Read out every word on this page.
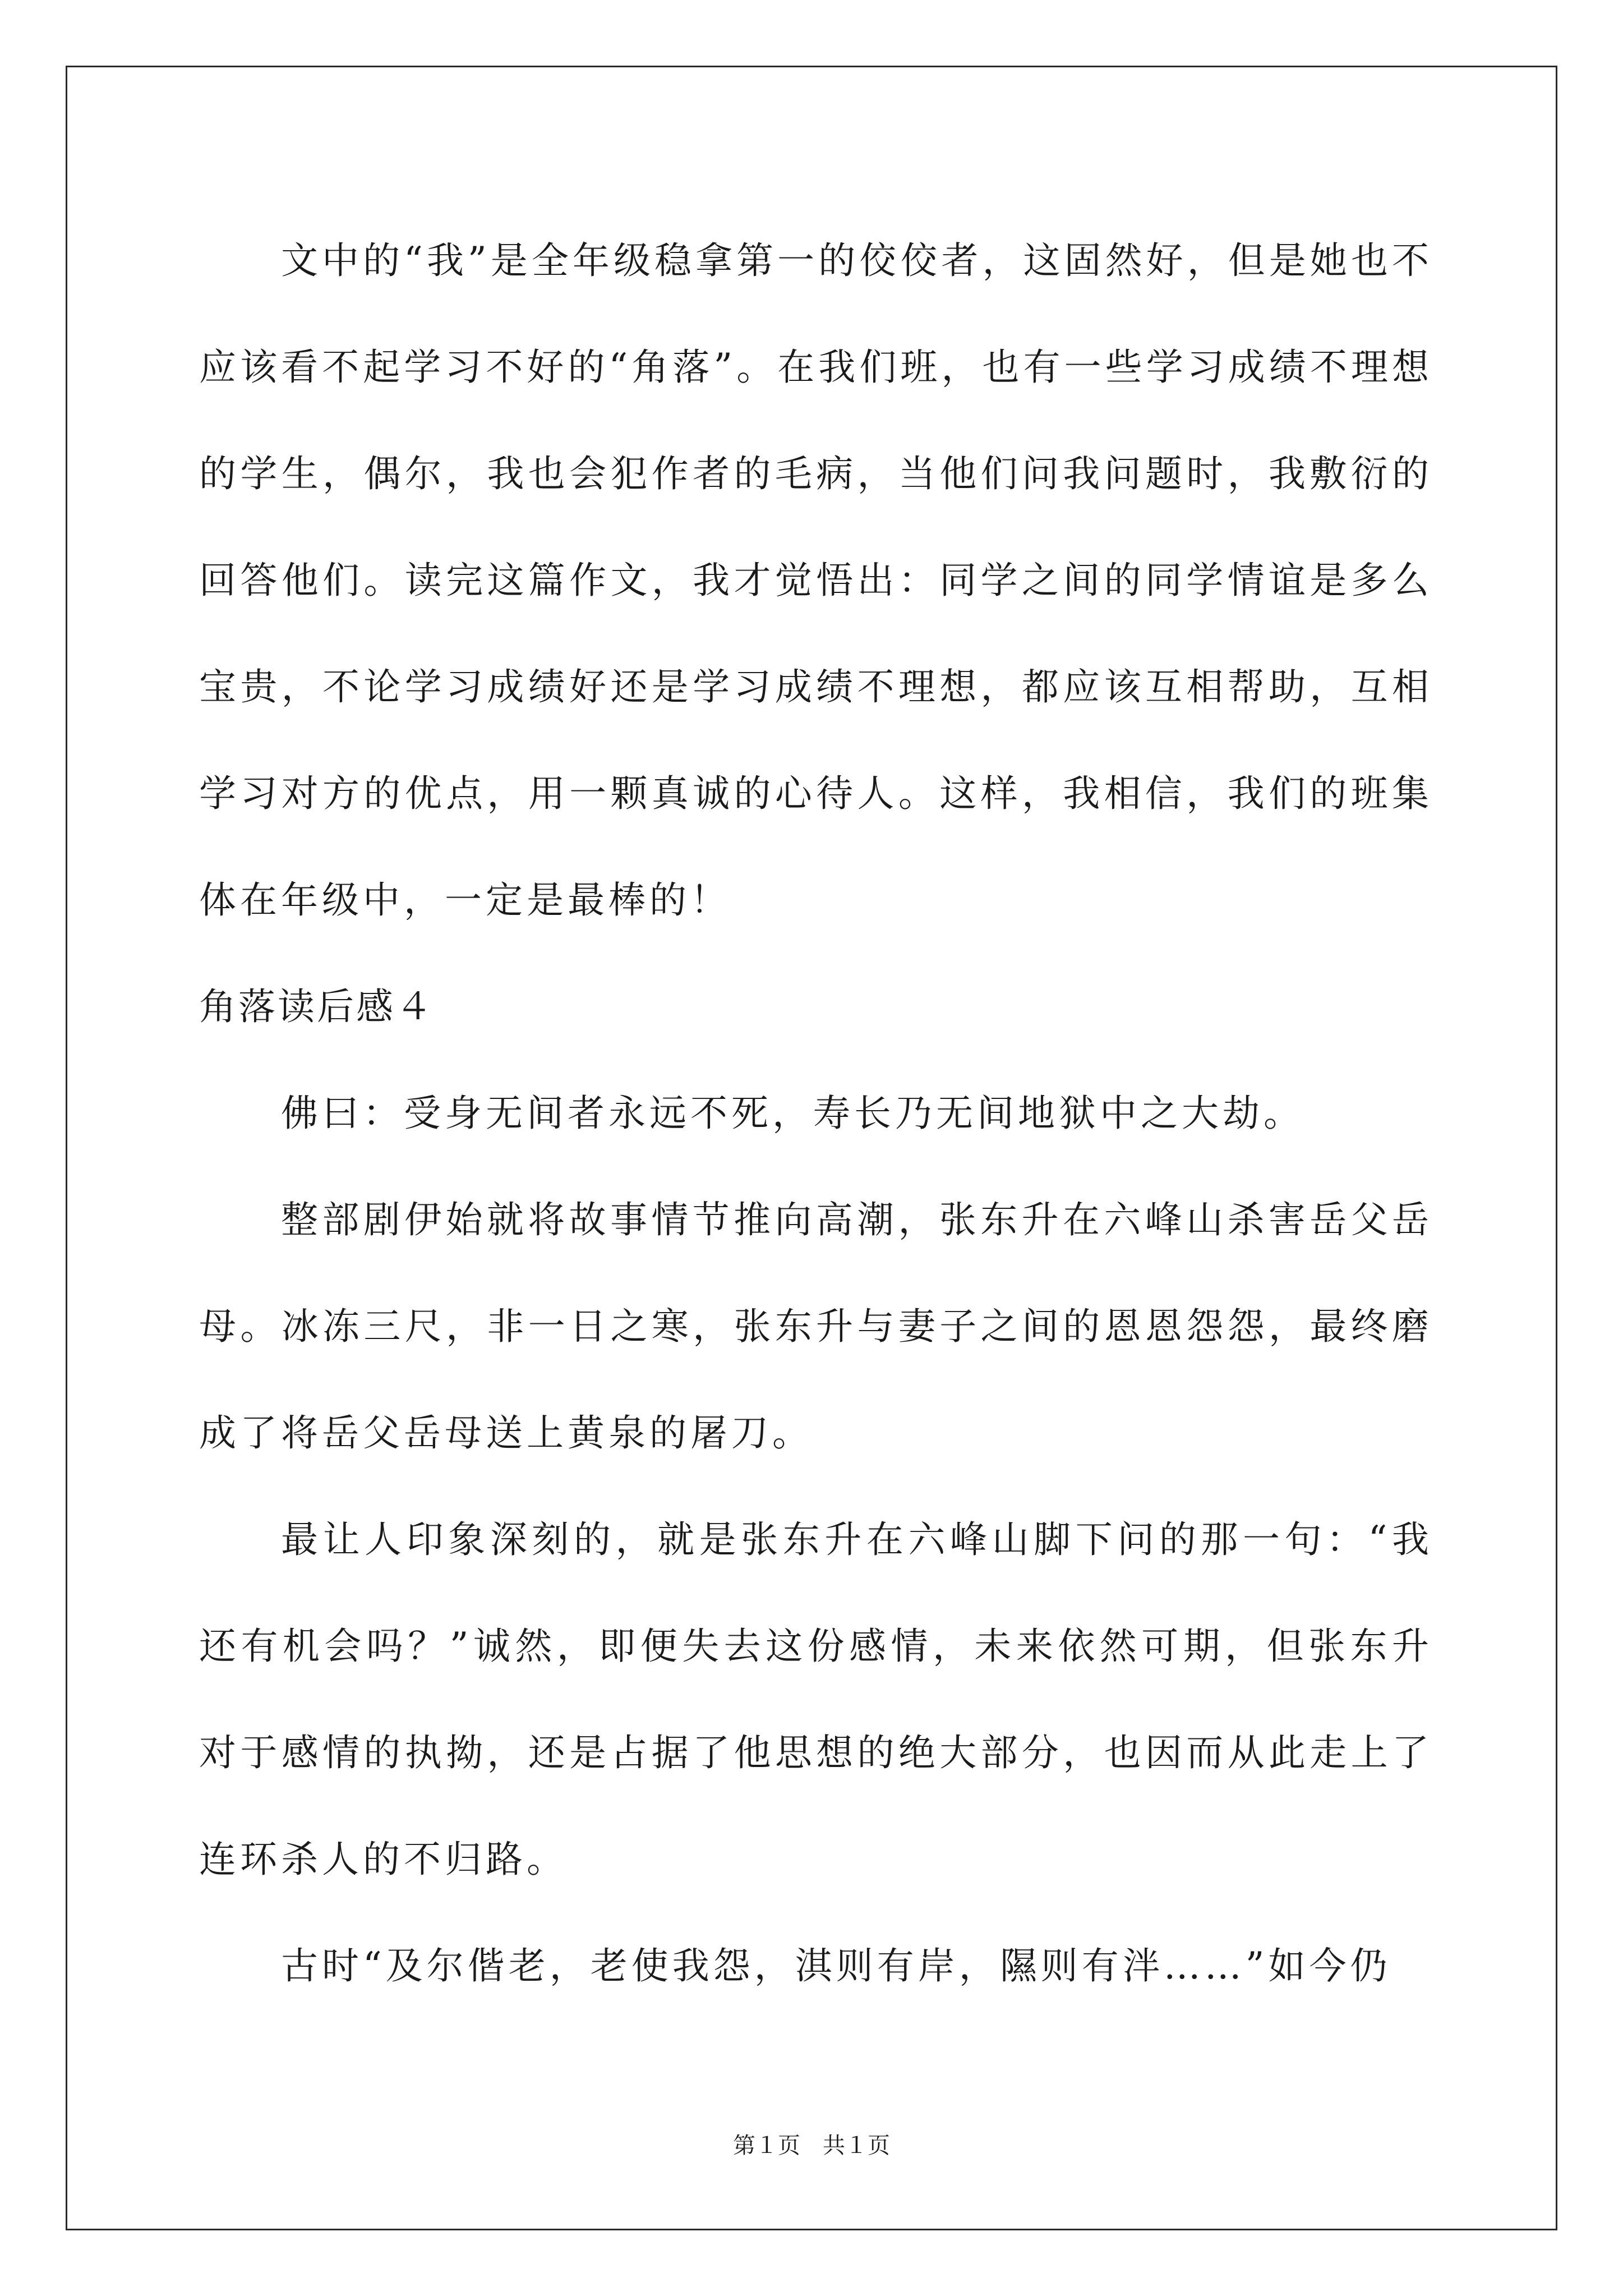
文中的“我”是全年级稳拿第一的佼佼者，这固然好，但是她也不应该看不起学习不好的“角落”。在我们班，也有一些学习成绩不理想的学生，偶尔，我也会犯作者的毛病，当他们问我问题时，我敷衍的回答他们。读完这篇作文，我才觉悟出：同学之间的同学情谊是多么宝贵，不论学习成绩好还是学习成绩不理想，都应该互相帮助，互相学习对方的优点，用一颗真诚的心待人。这样，我相信，我们的班集体在年级中，一定是最棒的！

角落读后感４

佛曰：受身无间者永远不死，寿长乃无间地狱中之大劫。

整部剧伊始就将故事情节推向高潮，张东升在六峰山杀害岳父岳母。冰冻三尺，非一日之寒，张东升与妻子之间的恩恩怨怨，最终磨成了将岳父岳母送上黄泉的屠刀。

最让人印象深刻的，就是张东升在六峰山脚下问的那一句：“我还有机会吗？”诚然，即便失去这份感情，未来依然可期，但张东升对于感情的执拗，还是占据了他思想的绝大部分，也因而从此走上了连环杀人的不归路。

古时“及尔偕老，老使我怨，淇则有岸，隰则有泮……”如今仍

第１页　共１页
